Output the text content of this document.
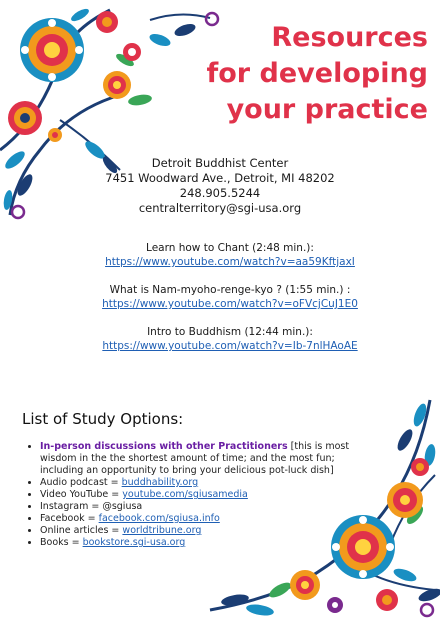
Resources
for developing
your practice
Detroit Buddhist Center
7451 Woodward Ave., Detroit, MI 48202
248.905.5244
centralterritory@sgi-usa.org
Learn how to Chant (2:48 min.):
https://www.youtube.com/watch?v=aa59KftjaxI
What is Nam-myoho-renge-kyo ? (1:55 min.) :
https://www.youtube.com/watch?v=oFVcjCuJ1E0
Intro to Buddhism (12:44 min.):
https://www.youtube.com/watch?v=Ib-7nlHAoAE
List of Study Options:
• In-person discussions with other Practitioners [this is most wisdom in the the shortest amount of time; and the most fun; including an opportunity to bring your delicious pot-luck dish]
• Audio podcast = buddhability.org
• Video YouTube = youtube.com/sgiusamedia
• Instagram = @sgiusa
• Facebook = facebook.com/sgiusa.info
• Online articles = worldtribune.org
• Books = bookstore.sgi-usa.org
